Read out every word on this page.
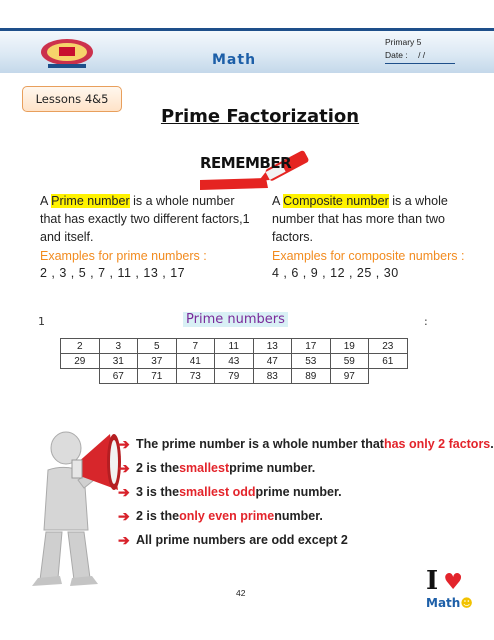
Math
Primary 5
Date : / /
Lessons 4&5
Prime Factorization
REMEMBER
A Prime number is a whole number that has exactly two different factors,1 and itself.
Examples for prime numbers :
2 , 3 , 5 , 7 , 11 , 13 , 17
A Composite number is a whole number that has more than two factors.
Examples for composite numbers :
4 , 6 , 9 , 12 , 25 , 30
1	Prime numbers	:
2	3	5	7	11	13	17	19	23
29	31	37	41	43	47	53	59	61
	67	71	73	79	83	89	97	
➔ The prime number is a whole number that has only 2 factors .
➔ 2 is the smallest prime number.
➔ 3 is the smallest odd prime number.
➔ 2 is the only even prime number.
➔ All prime numbers are odd except 2
42	I ♥
Math☻
